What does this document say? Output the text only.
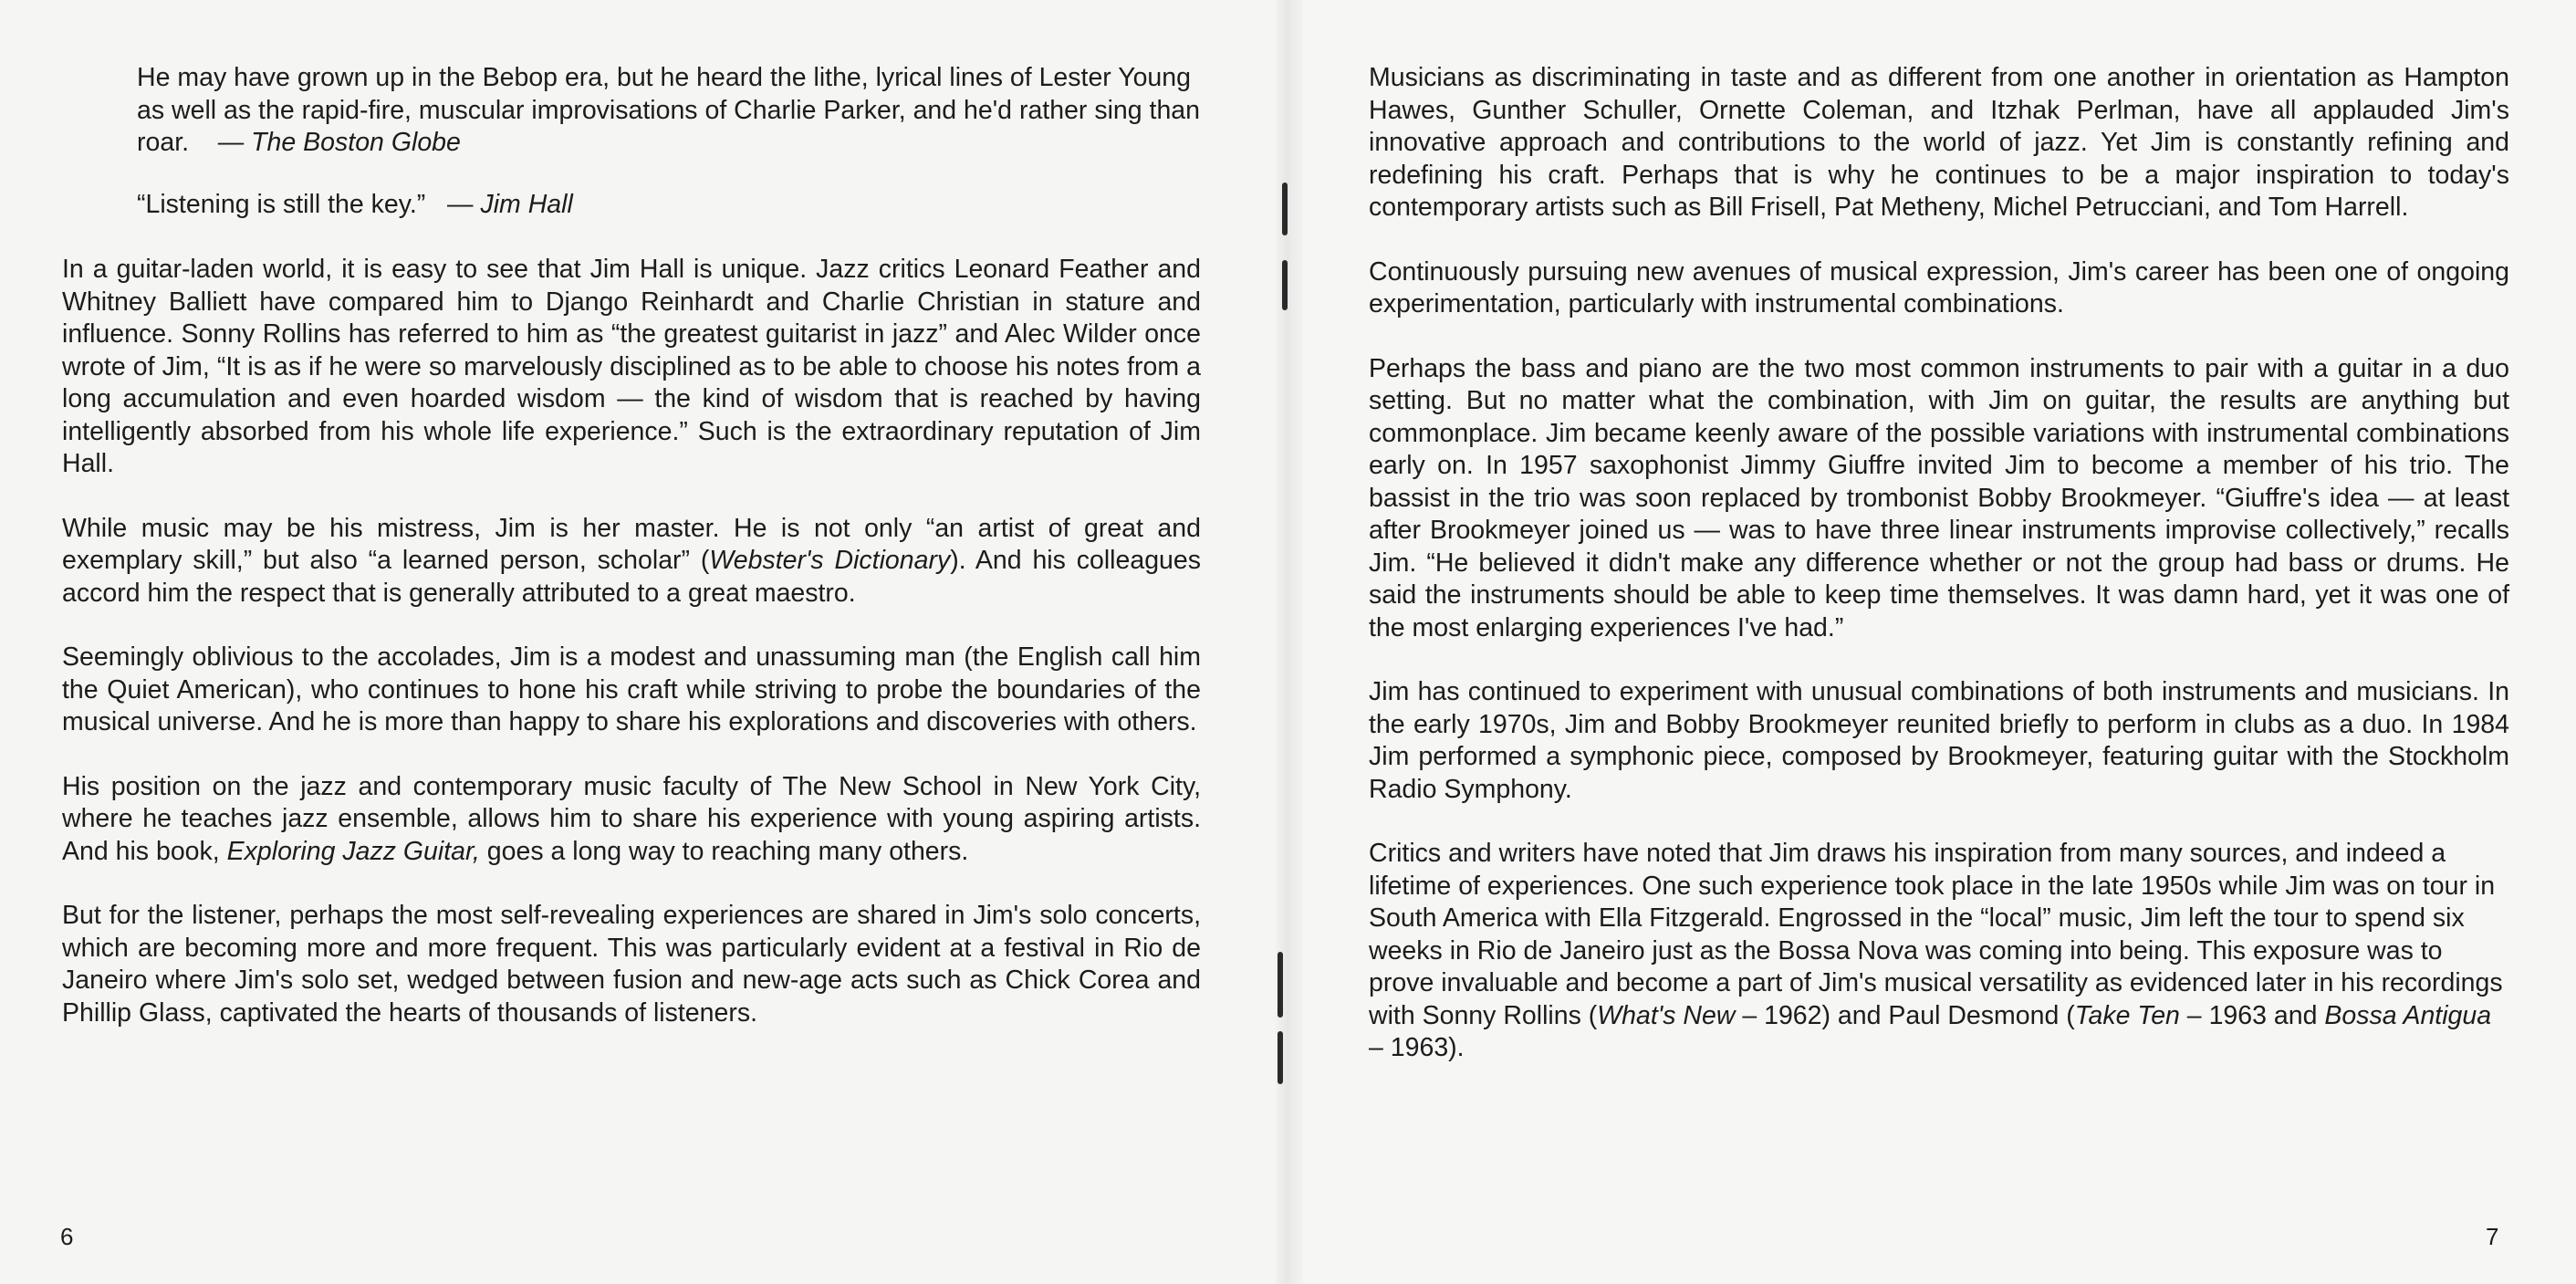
He may have grown up in the Bebop era, but he heard the lithe, lyrical lines of Lester Young as well as the rapid-fire, muscular improvisations of Charlie Parker, and he'd rather sing than roar. — The Boston Globe

“Listening is still the key.” — Jim Hall

In a guitar-laden world, it is easy to see that Jim Hall is unique. Jazz critics Leonard Feather and Whitney Balliett have compared him to Django Reinhardt and Charlie Christian in stature and influence. Sonny Rollins has referred to him as “the greatest guitarist in jazz” and Alec Wilder once wrote of Jim, “It is as if he were so marvelously disciplined as to be able to choose his notes from a long accumulation and even hoarded wisdom — the kind of wisdom that is reached by having intelligently absorbed from his whole life experience.” Such is the extraordinary reputation of Jim Hall.

While music may be his mistress, Jim is her master. He is not only “an artist of great and exemplary skill,” but also “a learned person, scholar” (Webster's Dictionary). And his colleagues accord him the respect that is generally attributed to a great maestro.

Seemingly oblivious to the accolades, Jim is a modest and unassuming man (the English call him the Quiet American), who continues to hone his craft while striving to probe the boundaries of the musical universe. And he is more than happy to share his explorations and discoveries with others.

His position on the jazz and contemporary music faculty of The New School in New York City, where he teaches jazz ensemble, allows him to share his experience with young aspiring artists. And his book, Exploring Jazz Guitar, goes a long way to reaching many others.

But for the listener, perhaps the most self-revealing experiences are shared in Jim's solo concerts, which are becoming more and more frequent. This was particularly evident at a festival in Rio de Janeiro where Jim's solo set, wedged between fusion and new-age acts such as Chick Corea and Phillip Glass, captivated the hearts of thousands of listeners.

6	7

Musicians as discriminating in taste and as different from one another in orientation as Hampton Hawes, Gunther Schuller, Ornette Coleman, and Itzhak Perlman, have all applauded Jim's innovative approach and contributions to the world of jazz. Yet Jim is constantly refining and redefining his craft. Perhaps that is why he continues to be a major inspiration to today's contemporary artists such as Bill Frisell, Pat Metheny, Michel Petrucciani, and Tom Harrell.

Continuously pursuing new avenues of musical expression, Jim's career has been one of ongoing experimentation, particularly with instrumental combinations.

Perhaps the bass and piano are the two most common instruments to pair with a guitar in a duo setting. But no matter what the combination, with Jim on guitar, the results are anything but commonplace. Jim became keenly aware of the possible variations with instrumental combinations early on. In 1957 saxophonist Jimmy Giuffre invited Jim to become a member of his trio. The bassist in the trio was soon replaced by trombonist Bobby Brookmeyer. “Giuffre's idea — at least after Brookmeyer joined us — was to have three linear instruments improvise collectively,” recalls Jim. “He believed it didn't make any difference whether or not the group had bass or drums. He said the instruments should be able to keep time themselves. It was damn hard, yet it was one of the most enlarging experiences I've had.”

Jim has continued to experiment with unusual combinations of both instruments and musicians. In the early 1970s, Jim and Bobby Brookmeyer reunited briefly to perform in clubs as a duo. In 1984 Jim performed a symphonic piece, composed by Brookmeyer, featuring guitar with the Stockholm Radio Symphony.

Critics and writers have noted that Jim draws his inspiration from many sources, and indeed a lifetime of experiences. One such experience took place in the late 1950s while Jim was on tour in South America with Ella Fitzgerald. Engrossed in the “local” music, Jim left the tour to spend six weeks in Rio de Janeiro just as the Bossa Nova was coming into being. This exposure was to prove invaluable and become a part of Jim's musical versatility as evidenced later in his recordings with Sonny Rollins (What's New – 1962) and Paul Desmond (Take Ten – 1963 and Bossa Antigua – 1963).
